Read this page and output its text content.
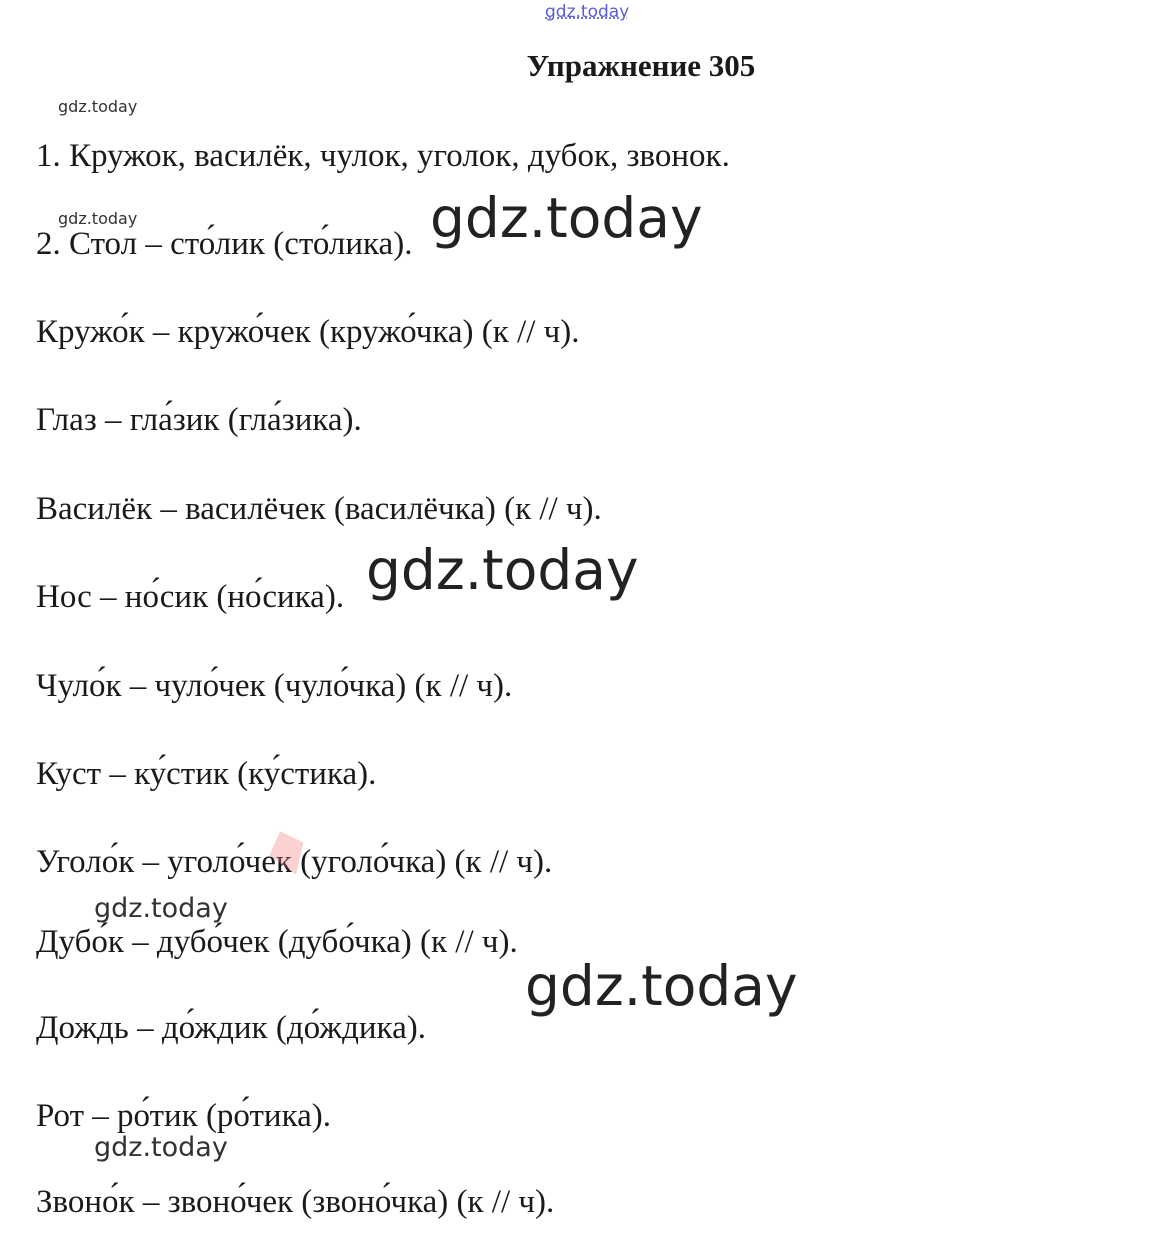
gdz.today
Упражнение 305
gdz.today
gdz.today
1. Кружок, василёк, чулок, уголок, дубок, звонок.
2. Стол – сто́лик (сто́лика).
Кружо́к – кружо́чек (кружо́чка) (к // ч).
Глаз – гла́зик (гла́зика).
Василёк – василёчек (василёчка) (к // ч).
Нос – но́сик (но́сика).
Чуло́к – чуло́чек (чуло́чка) (к // ч).
Куст – ку́стик (ку́стика).
Уголо́к – уголо́чек (уголо́чка) (к // ч).
Дубо́к – дубо́чек (дубо́чка) (к // ч).
Дождь – до́ждик (до́ждика).
Рот – ро́тик (ро́тика).
Звоно́к – звоно́чек (звоно́чка) (к // ч).
gdz.today
gdz.today
gdz.today
gdz.today
gdz.today
